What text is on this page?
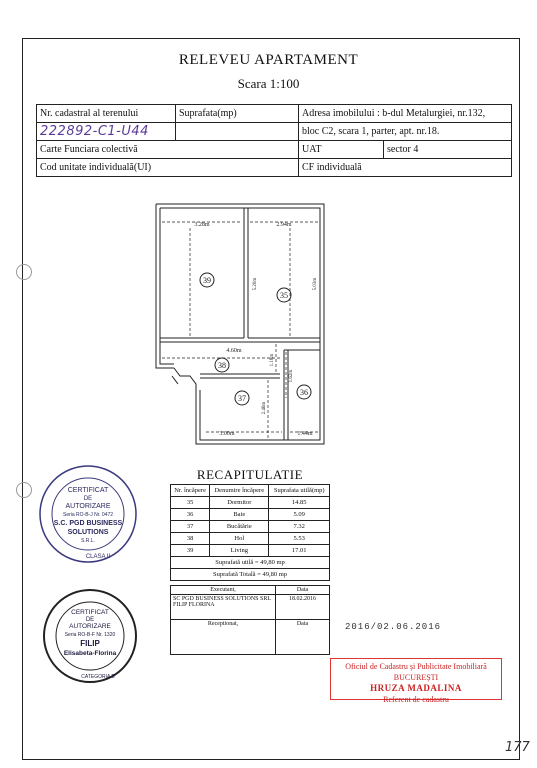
RELEVEU APARTAMENT
Scara 1:100
Nr. cadastral al terenului	Suprafata(mp)	Adresa imobilului : b-dul Metalurgiei, nr.132,	
222892-C1-U44		bloc C2, scara 1, parter, apt. nr.18.	
Carte Funciara colectivă		UAT	sector 4
Cod unitate individuală(UI)		CF individuală	
3.28m	2.94m
4.60m
3.00m	1.44m
5.20m	5.03m
1.18m
1.62m
2.46m
39
35
38
37
36
RECAPITULATIE
Nr. încăpere	Denumire încăpere	Suprafata utilă(mp)
35	Dormitor	14.85
36	Baie	5.09
37	Bucătărie	7.32
38	Hol	5.53
39	Living	17.01
Suprafată utilă = 49,80 mp		
Suprafată Totală = 49,80 mp		
Executant,	Data

SC PGD BUSINESS SOLUTIONS SRL
FILIP FLORINA	18.02.2016
Receptionat,	Data	2016/02.06.2016
CERTIFICAT
DE
AUTORIZARE
Seria RO-B-J Nr. 0472
S.C. PGD BUSINESS
SOLUTIONS
S.R.L.
CLASA II
CERTIFICAT
DE
AUTORIZARE
Seria RO-B-F Nr. 1320
FILIP
Elisabeta-Florina
CATEGORIA B
Oficiul de Cadastru și Publicitate Imobiliară
BUCUREȘTI
HRUZA MADALINA
Referent de cadastru
177
